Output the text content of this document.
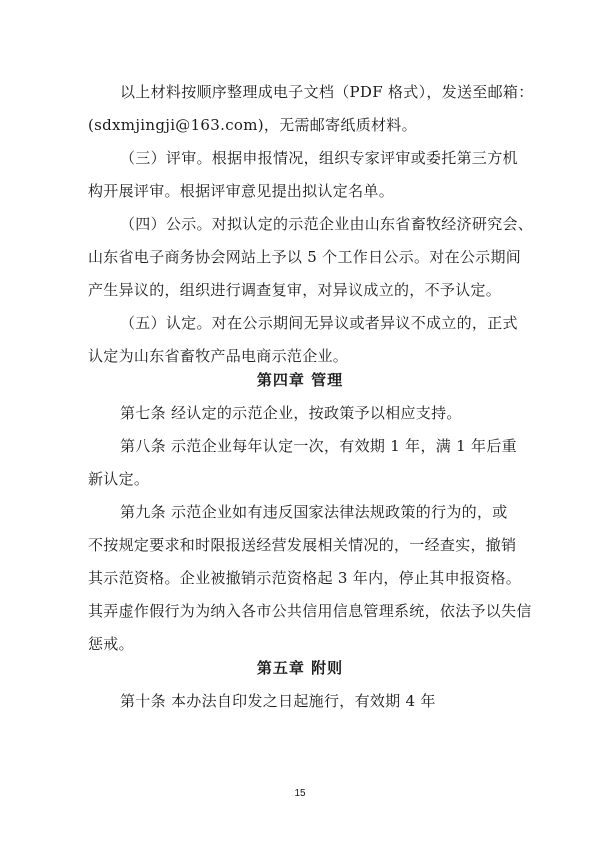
以上材料按顺序整理成电子文档（PDF 格式），发送至邮箱：
(sdxmjingji@163.com)，无需邮寄纸质材料。
（三）评审。根据申报情况，组织专家评审或委托第三方机
构开展评审。根据评审意见提出拟认定名单。
（四）公示。对拟认定的示范企业由山东省畜牧经济研究会、
山东省电子商务协会网站上予以 5 个工作日公示。对在公示期间
产生异议的，组织进行调查复审，对异议成立的，不予认定。
（五）认定。对在公示期间无异议或者异议不成立的，正式
认定为山东省畜牧产品电商示范企业。
第四章 管理
第七条 经认定的示范企业，按政策予以相应支持。
第八条 示范企业每年认定一次，有效期 1 年，满 1 年后重
新认定。
第九条 示范企业如有违反国家法律法规政策的行为的，或
不按规定要求和时限报送经营发展相关情况的，一经查实，撤销
其示范资格。企业被撤销示范资格起 3 年内，停止其申报资格。
其弄虚作假行为为纳入各市公共信用信息管理系统，依法予以失信
惩戒。
第五章 附则
第十条 本办法自印发之日起施行，有效期 4 年
15
